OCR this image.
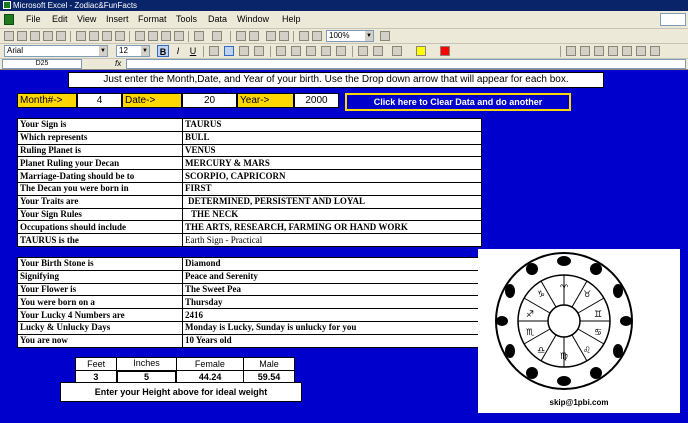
Microsoft Excel - Zodiac&FunFacts
File Edit View Insert Format Tools Data Window Help
100%	▼
Arial	▼	12 ▼	B	I	U
D25	fx
Just enter the Month,Date, and Year of your birth. Use the Drop down arrow that will appear for each box.
Month#->	4	Date->	20	Year->	2000	Click here to Clear Data and do another
Your Sign is	TAURUS
Which represents	BULL
Ruling Planet is	VENUS
Planet Ruling your Decan	MERCURY & MARS
Marriage-Dating should be to	SCORPIO, CAPRICORN
The Decan you were born in	FIRST
Your Traits are	DETERMINED, PERSISTENT AND LOYAL
Your Sign Rules	THE NECK
Occupations should include	THE ARTS, RESEARCH, FARMING OR HAND WORK
TAURUS is the	Earth Sign - Practical
Your Birth Stone is	Diamond
Signifying	Peace and Serenity
Your Flower is	The Sweet Pea
You were born on a	Thursday
Your Lucky 4 Numbers are	2416
Lucky & Unlucky Days	Monday is Lucky, Sunday is unlucky for you
You are now	10 Years old
♈
♉
♊
♋
♌
♍
♎
♏
♐
♑
skip@1pbi.com
Feet	Inches	Female	Male
3	5	44.24	59.54
Enter your Height above for ideal weight
